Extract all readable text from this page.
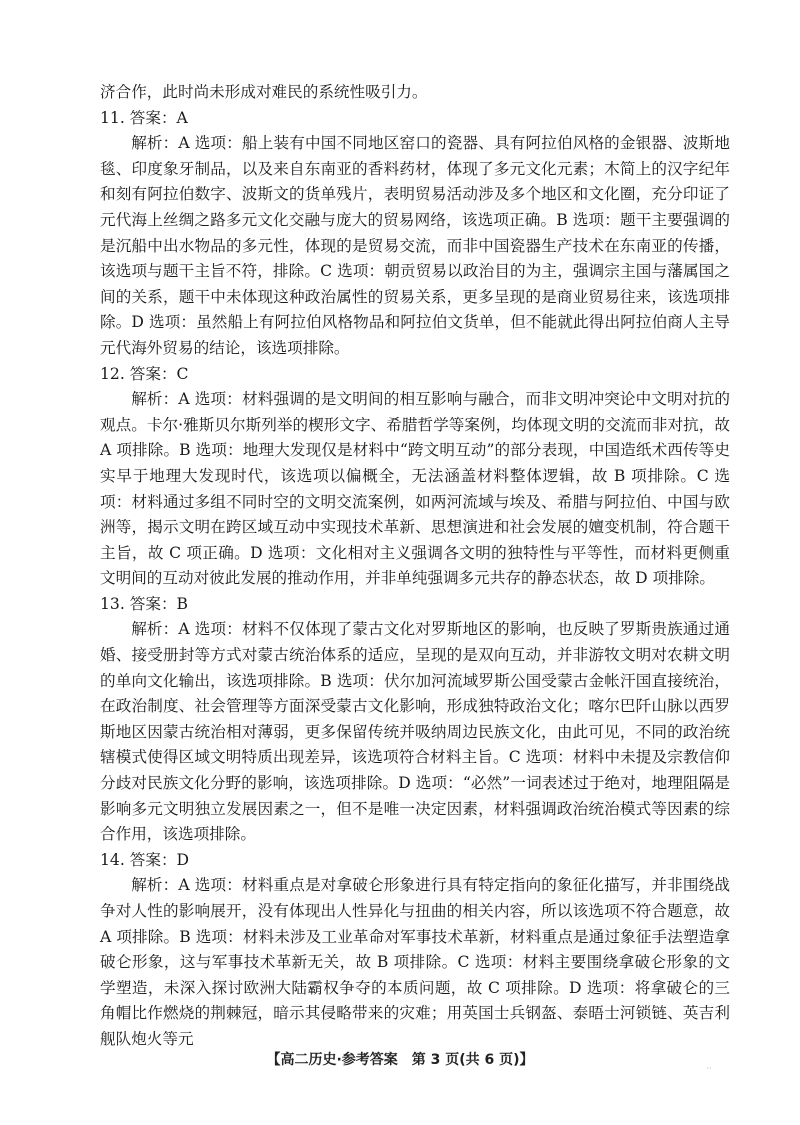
济合作，此时尚未形成对难民的系统性吸引力。

11. 答案：A

解析：A 选项：船上装有中国不同地区窑口的瓷器、具有阿拉伯风格的金银器、波斯地毯、印度象牙制品，以及来自东南亚的香料药材，体现了多元文化元素；木简上的汉字纪年和刻有阿拉伯数字、波斯文的货单残片，表明贸易活动涉及多个地区和文化圈，充分印证了元代海上丝绸之路多元文化交融与庞大的贸易网络，该选项正确。B 选项：题干主要强调的是沉船中出水物品的多元性，体现的是贸易交流，而非中国瓷器生产技术在东南亚的传播，该选项与题干主旨不符，排除。C 选项：朝贡贸易以政治目的为主，强调宗主国与藩属国之间的关系，题干中未体现这种政治属性的贸易关系，更多呈现的是商业贸易往来，该选项排除。D 选项：虽然船上有阿拉伯风格物品和阿拉伯文货单，但不能就此得出阿拉伯商人主导元代海外贸易的结论，该选项排除。

12. 答案：C

解析：A 选项：材料强调的是文明间的相互影响与融合，而非文明冲突论中文明对抗的观点。卡尔·雅斯贝尔斯列举的楔形文字、希腊哲学等案例，均体现文明的交流而非对抗，故 A 项排除。B 选项：地理大发现仅是材料中“跨文明互动”的部分表现，中国造纸术西传等史实早于地理大发现时代，该选项以偏概全，无法涵盖材料整体逻辑，故 B 项排除。C 选项：材料通过多组不同时空的文明交流案例，如两河流域与埃及、希腊与阿拉伯、中国与欧洲等，揭示文明在跨区域互动中实现技术革新、思想演进和社会发展的嬗变机制，符合题干主旨，故 C 项正确。D 选项：文化相对主义强调各文明的独特性与平等性，而材料更侧重文明间的互动对彼此发展的推动作用，并非单纯强调多元共存的静态状态，故 D 项排除。

13. 答案：B

解析：A 选项：材料不仅体现了蒙古文化对罗斯地区的影响，也反映了罗斯贵族通过通婚、接受册封等方式对蒙古统治体系的适应，呈现的是双向互动，并非游牧文明对农耕文明的单向文化输出，该选项排除。B 选项：伏尔加河流域罗斯公国受蒙古金帐汗国直接统治，在政治制度、社会管理等方面深受蒙古文化影响，形成独特政治文化；喀尔巴阡山脉以西罗斯地区因蒙古统治相对薄弱，更多保留传统并吸纳周边民族文化，由此可见，不同的政治统辖模式使得区域文明特质出现差异，该选项符合材料主旨。C 选项：材料中未提及宗教信仰分歧对民族文化分野的影响，该选项排除。D 选项：“必然”一词表述过于绝对，地理阻隔是影响多元文明独立发展因素之一，但不是唯一决定因素，材料强调政治统治模式等因素的综合作用，该选项排除。

14. 答案：D

解析：A 选项：材料重点是对拿破仑形象进行具有特定指向的象征化描写，并非围绕战争对人性的影响展开，没有体现出人性异化与扭曲的相关内容，所以该选项不符合题意，故 A 项排除。B 选项：材料未涉及工业革命对军事技术革新，材料重点是通过象征手法塑造拿破仑形象，这与军事技术革新无关，故 B 项排除。C 选项：材料主要围绕拿破仑形象的文学塑造，未深入探讨欧洲大陆霸权争夺的本质问题，故 C 项排除。D 选项：将拿破仑的三角帽比作燃烧的荆棘冠，暗示其侵略带来的灾难；用英国士兵钢盔、泰晤士河锁链、英吉利舰队炮火等元

【高二历史·参考答案　第 3 页(共 6 页)】
··
